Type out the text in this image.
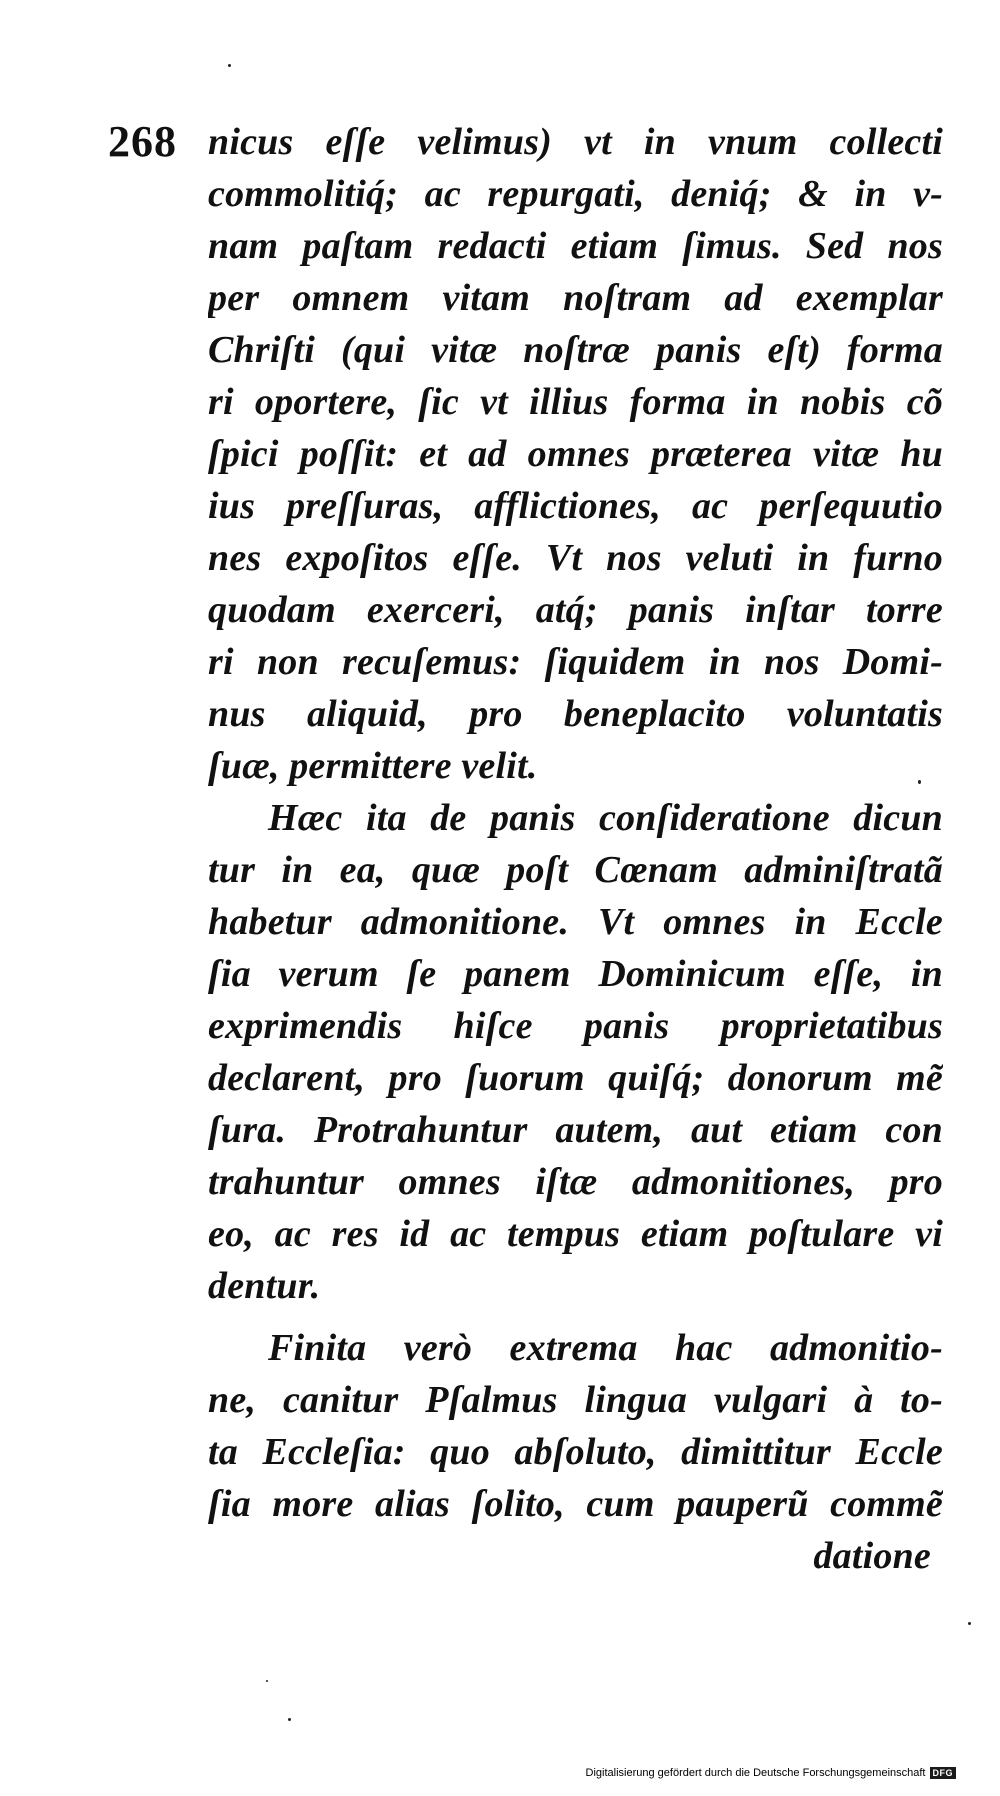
268 nicus eſſe velimus) vt in vnum collecti
commolitiq́; ac repurgati, deniq́; & in v-
nam paſtam redacti etiam ſimus. Sed nos
per omnem vitam noſtram ad exemplar
Chriſti (qui vitæ noſtræ panis eſt) forma
ri oportere, ſic vt illius forma in nobis cõ
ſpici poſſit: et ad omnes præterea vitæ hu
ius preſſuras, afflictiones, ac perſequutio
nes expoſitos eſſe. Vt nos veluti in furno
quodam exerceri, atq́; panis inſtar torre
ri non recuſemus: ſiquidem in nos Domi-
nus aliquid, pro beneplacito voluntatis
ſuæ, permittere velit.
Hæc ita de panis conſideratione dicun
tur in ea, quæ poſt Cœnam adminiſtratã
habetur admonitione. Vt omnes in Eccle
ſia verum ſe panem Dominicum eſſe, in
exprimendis hiſce panis proprietatibus
declarent, pro ſuorum quiſq́; donorum mẽ
ſura. Protrahuntur autem, aut etiam con
trahuntur omnes iſtæ admonitiones, pro
eo, ac res id ac tempus etiam poſtulare vi
dentur.
Finita verò extrema hac admonitio-
ne, canitur Pſalmus lingua vulgari à to-
ta Eccleſia: quo abſoluto, dimittitur Eccle
ſia more alias ſolito, cum pauperũ commẽ
datione
Digitalisierung gefördert durch die Deutsche Forschungsgemeinschaft DFG
